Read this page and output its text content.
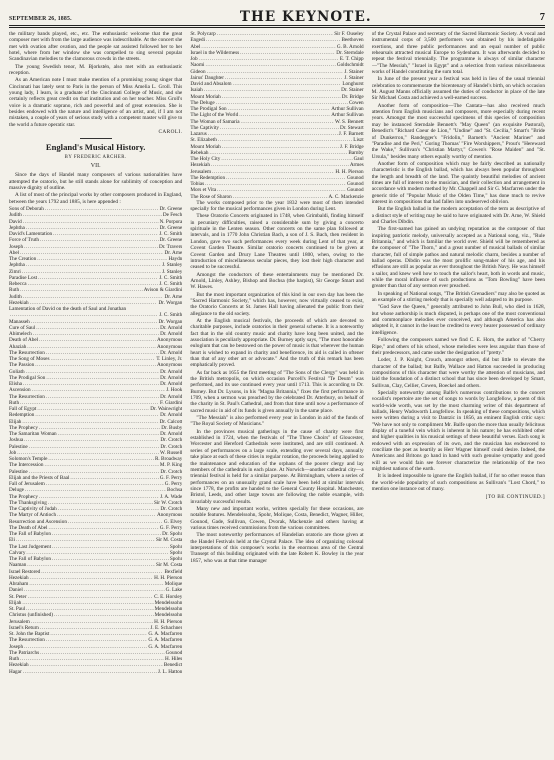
SEPTEMBER 26, 1885.	THE KEYNOTE.	7

the military bands played, etc., etc. The enthusiastic welcome that the great composer met with from the large audience was indescribable. At the concert she met with ovation after ovation, and the people sat assisted followed her to her hotel, where from her window she was compelled to sing several popular Scandinavian melodies to the clamorous crowds in the streets.

The young Swedish tenor, M. Bjorkstén, also met with an enthusiastic reception.

As an American note I must make mention of a promising young singer that Cincinnati has lately sent to Paris in the person of Miss Amelia L. Groll. This young lady, I learn, is a graduate of the Cincinnati College of Music, and she certainly reflects great credit on that institution and on her teacher. Miss Groll's voice is a dramatic soprano, rich and powerful and of great extension. She is besides endowed with the nature and intelligence of an artist, and, if I am not mistaken, a couple of years of serious study with a competent master will give to the world a future operatic star.

CAROLI.
England's Musical History.
BY FREDERIC ARCHER.
VII.

Since the days of Handel many composers of various nationalities have attempted the oratorio, but he still stands alone for sublimity of conception and massive dignity of outline.

A list of most of the principal works by other composers produced in England, between the years 1792 and 1885, is here appended :

Sons of Deborah .....	Dr. Greene
Judith .....	De Fesch
David .....	N. Porpora
Jephtha .....	Dr. Greene
David's Lamentation .....	J. C. Smith
Force of Truth .....	Dr. Greene
Joseph .....	Dr. Travers
Abel .....	Dr. Arne
The Creation .....	Haydn
Jephtha .....	J. Stanley
Zimri .....	J. Stanley
Paradise Lost .....	J. C. Smith
Rebecca .....	J. C. Smith
Ruth .....	Avison & Giardini
Judith .....	Dr. Arne
Hezekiah .....	Dr. Worgan
Lamentation of David on the death of Saul and Jonathan
.....
J. C. Smith
Manasseh .....	Dr. Worgan
Cure of Saul .....	Dr. Arnold
Abimelech .....	Dr. Arnold
Death of Abel .....	Anonymous
Ahaziah .....	Anonymous
The Resurrection .....	Dr. Arnold
The Song of Moses .....	T. Linley, Jr.
The Passion .....	Anonymous
Goliath .....	Dr. Arnold
The Prodigal Son .....	Dr. Arnold
Elisha .....	Dr. Arnold
Ascension .....	J. Hook
The Resurrection .....	Dr. Arnold
Ruth .....	F. Giardini
Fall of Egypt .....	Dr. Wainwright
Redemption .....	Dr. Arnold
Elijah .....	Dr. Calcott
The Prophecy .....	Dr. Busby
The Samaritan Woman .....	Dr. Arnold
Joshua .....	Dr. Crotch
Palestine .....	Dr. Crotch
Job .....	W. Russell
Solomon's Temple .....	R. Broadway
The Intercession .....	M. P. King
Palestine .....	Dr. Crotch
Elijah and the Priests of Baal .....	G. F. Perry
Fall of Jerusalem .....	G. Perry
Deluge .....	Bochsa
The Prophecy .....	J. A. Wade
The Thanksgiving .....	Sir W. Crotch
The Captivity of Judah .....	Dr. Crotch
The Martyr of Antioch .....	Anonymous
Resurrection and Ascension .....	G. Elvey
The Death of Abel .....	G. F. Perry
The Fall of Babylon .....	Dr. Spohr
Eli .....	Sir M. Costa
The Last Judgement .....	Spohr
Calvary .....	Spohr
The Fall of Babylon .....	Spohr
Naaman .....	Sir M. Costa
Israel Restored .....	Bexfield
Hezekiah .....	H. H. Pierson
Abraham .....	Molique
Daniel .....	G. Lake
St. Peter .....	C. E. Horsley
Elijah .....	Mendelssohn
St. Paul .....	Mendelssohn
Christus (unfinished) .....	Mendelssohn
Jerusalem .....	H. H. Pierson
Israel's Return .....	J. E. Schachner
St. John the Baptist .....	G. A. Macfarren
The Resurrection .....	G. A. Macfarren
Joseph .....	G. A. Macfarren
The Patriarchs .....	Gounod
Ruth .....	H. Hiles
Hezekiah .....	Benedict
Hagar .....	J. L. Hatton
St. Polycarp .....	Sir F. Ouseley
Engedi .....	Beethoven
Abel .....	G. B. Arnold
Israel in the Wilderness .....	Dr. Sterndale
Job .....	E. T. Chipp
Naomi .....	Goldschmidt
Gideon .....	J. Stainer
Jairus' Daughter .....	J. Stainer
David and Absalom .....	Longhurst
Isaiah .....	Dr. Stainer
Mount Moriah .....	Dr. Bridge
The Deluge .....	Cowen
The Prodigal Son .....	Arthur Sullivan
The Light of the World .....	Arthur Sullivan
The Woman of Samaria .....	W. S. Bennett
The Captivity .....	Dr. Stewart
Lazarus .....	J. F. Barnett
St. Elizabeth .....	Liszt
Mount Moriah .....	J. F. Bridge
Rebekah .....	Barnby
The Holy City .....	Gaul
Hezekiah .....	Armes
Jerusalem .....	H. H. Pierson
The Redemption .....	Gounod
Tobias .....	Gounod
Mors et Vita .....	Gounod
The Rose of Sharon .....	A. C. Mackenzie

The works composed prior to the year 1832 were most of them intended specially for the musical performances given in London during Lent.

These Oratorio Concerts originated in 1748, when Grimbaldi, finding himself in pecuniary difficulties, raised a considerable sum by giving a concerto spirituale in the Lenten season. Other concerts on the same plan followed at intervals, and in 1770 John Christian Bach, a son of J. S. Bach, then resident in London, gave two such performances every week during Lent of that year, at Covent Garden Theatre. Similar oratorio concerts continued to be given at Covent Garden and Drury Lane Theatres until 1800, when, owing to the introduction of miscellaneous secular pieces, they lost their high character and ceased to be successful.

Amongst the conductors of these entertainments may be mentioned Dr. Arnold, Linley, Ashley, Bishop and Bochsa (the harpist), Sir George Smart and W. Hawes.

But the most important organization of this kind in our own day has been the "Sacred Harmonic Society," which has, however, now virtually ceased to exist, the Oratorio Concerts at St. James Hall having alienated the public from their allegiance to the old society.

At the English musical festivals, the proceeds of which are devoted to charitable purposes, include oratorios in their general scheme. It is a noteworthy fact that in the old country music and charity have long been united, and the association is peculiarly appropriate. Dr. Burney aptly says, "The most honorable eulogium that can be bestowed on the power of music is that wherever the human heart is wished to expand in charity and beneficence, its aid is called in oftener than that of any other art or advocate." And the truth of this remark has been emphatically proved.

As far back as 1655 the first meeting of "The Sons of the Clergy" was held in the British metropolis, on which occasion Purcell's Festival "Te Deum" was performed, and its use continued every year until 1713. This is according to Dr. Burney. But Dr. Lysons, in his "Magna Britannia," fixes the first performance in 1709, when a sermon was preached by the celebrated Dr. Atterbury, on behalf of the charity in St. Paul's Cathedral, and from that time until now a performance of sacred music in aid of its funds is given annually in the same place.

"The Messiah" is also performed every year in London in aid of the funds of "The Royal Society of Musicians."

In the provinces musical gatherings in the cause of charity were first established in 1724, when the festivals of "The Three Choirs" of Gloucester, Worcester and Hereford Cathedrals were instituted, and are still continued. A series of performances on a large scale, extending over several days, annually take place at each of these cities in regular rotation, the proceeds being applied to the maintenance and education of the orphans of the poorer clergy and lay members of the cathedrals in each place. At Norwich—another cathedral city—a triennial festival is held for a similar purpose. At Birmingham, where a series of performances on an unusually grand scale have been held at similar intervals since 1778, the profits are handed to the General County Hospital. Manchester, Bristol, Leeds, and other large towns are following the noble example, with invariably successful results.

Many new and important works, written specially for these occasions, are notable features. Mendelssohn, Spohr, Molique, Costa, Benedict, Wagner, Hiller, Gounod, Gade, Sullivan, Cowen, Dvorak, Mackenzie and others having at various times received commissions from the various committees.

The most noteworthy performances of Handelian oratorio are those given at the Handel Festivals held at the Crystal Palace. The idea of organizing colossal interpretations of this composer's works in the enormous area of the Central Transept of this building originated with the late Robert K. Bowley in the year 1857, who was at that time manager

of the Crystal Palace and secretary of the Sacred Harmonic Society. A vocal and instrumental corps of 3,500 performers was obtained by his indefatigable exertions, and three public performances and an equal number of public rehearsals attracted musical Europe to Sydenham. It was afterwards decided to repeat the festival triennially. The programme is always of similar character—"The Messiah," "Israel in Egypt" and a selection from various miscellaneous works of Handel constituting the sum total.

In June of the present year a festival was held in lieu of the usual triennial celebration to commemorate the bicentenary of Handel's birth, on which occasion M. August Manns officially assumed the duties of conductor in place of the late Sir Michael Costa and achieved a well-earned success.

Another form of composition—The Cantata—has also received much attention from English musicians and composers, more especially during recent years. Amongst the most successful specimens of this species of composition may be instanced Sterndale Bennett's "May Queen" (an exquisite Pastoral), Benedict's "Richard Coeur de Lion," "Undine" and "St. Cecilia," Smart's "Bride of Dunkerron," Randegger's "Fridolin," Barnett's "Ancient Mariner" and "Paradise and the Peri," Goring Thomas' "Fire Worshippers," Prout's "Hereward the Wake," Sullivan's "Christian Martyr," Cowen's "Rose Maiden" and "St. Ursula," besides many others equally worthy of mention.

Another form of composition which may be fairly described as nationally characteristic is the English ballad, which has always been popular throughout the length and breadth of the land. The quaintly beautiful melodies of ancient times are full of interest to the musician, and their collection and arrangement in accordance with modern method by Mr. Chappell and Sir G. Macfarren under the generic title of "Popular Music of the Olden Time," has done much to revive interest in compositions that had fallen into undeserved oblivion.

But the English ballad in the modern acceptation of the term as descriptive of a distinct style of writing may be said to have originated with Dr. Arne, W. Shield and Charles Dibdin.

The first-named has gained an undying reputation as the composer of that inspiring patriotic melody, universally accepted as a National song, viz., "Rule Britannia," and which is familiar the world over. Shield will be remembered as the composer of "The Thorn," and a great number of musical ballads of similar character, full of simple pathos and natural melodic charm, besides a number of ballad operas. Dibdin was the most prolific song-maker of his age, and his effusions are still as popular as ever throughout the British Navy. He was himself a sailor, and knew well how to touch the sailor's heart, both in words and music, while the moral influence of such productions as "Tom Bowling" have been greater than that of any sermon ever preached.

In speaking of National songs, "The British Grenadiers" may also be quoted as an example of a stirring melody that is specially well adapted to its purpose.

"God Save the Queen," generally attributed to John Bull, who died in 1628, but whose authorship is much disputed, is perhaps one of the most conventional and commonplace melodies ever conceived, and although America has also adopted it, it cannot in the least be credited to every hearer possessed of ordinary intelligence.

Following the composers named we find C. E. Horn, the author of "Cherry Ripe," and others of his school, whose melodies were less angular than those of their predecessors, and came under the designation of "pretty."

Loder, J. P. Knight, Crouch, amongst others, did but little to elevate the character of the ballad; but Balfe, Wallace and Hatton succeeded in producing compositions of this character that were worthy the attention of musicians, and laid the foundation of a distinct school that has since been developed by Smart, Sullivan, Clay, Cellier, Cowen, Boeckel and others.

Specially noteworthy among Balfe's numerous contributions to the concert vocalist's repertoire are the set of songs to words by Longfellow, a poem of this world-wide worth, was set by the most charming writer of this department of ballads, Henry Wadsworth Longfellow. In speaking of these compositions, which were written during a visit to Dantzic in 1856, an eminent English critic says: "We have not only to compliment Mr. Balfe upon the more than usually felicitous display of a tuneful vein which is inherent in his nature; he has exhibited other and higher qualities in his musical settings of these beautiful verses. Each song is endowed with an expression of its own, and the musician has endeavored to conciliate the poet as heartily as Herr Wagner himself could desire. Indeed, the Americans and Britons go hand in hand with such genuine sympathy and good will as we would fain see forever characterize the relationship of the two mightiest nations of the earth.

It is indeed impossible to ignore the English ballad, if for no other reason than the world-wide popularity of such compositions as Sullivan's "Lost Chord," to mention one instance out of many.

[TO BE CONTINUED.]
